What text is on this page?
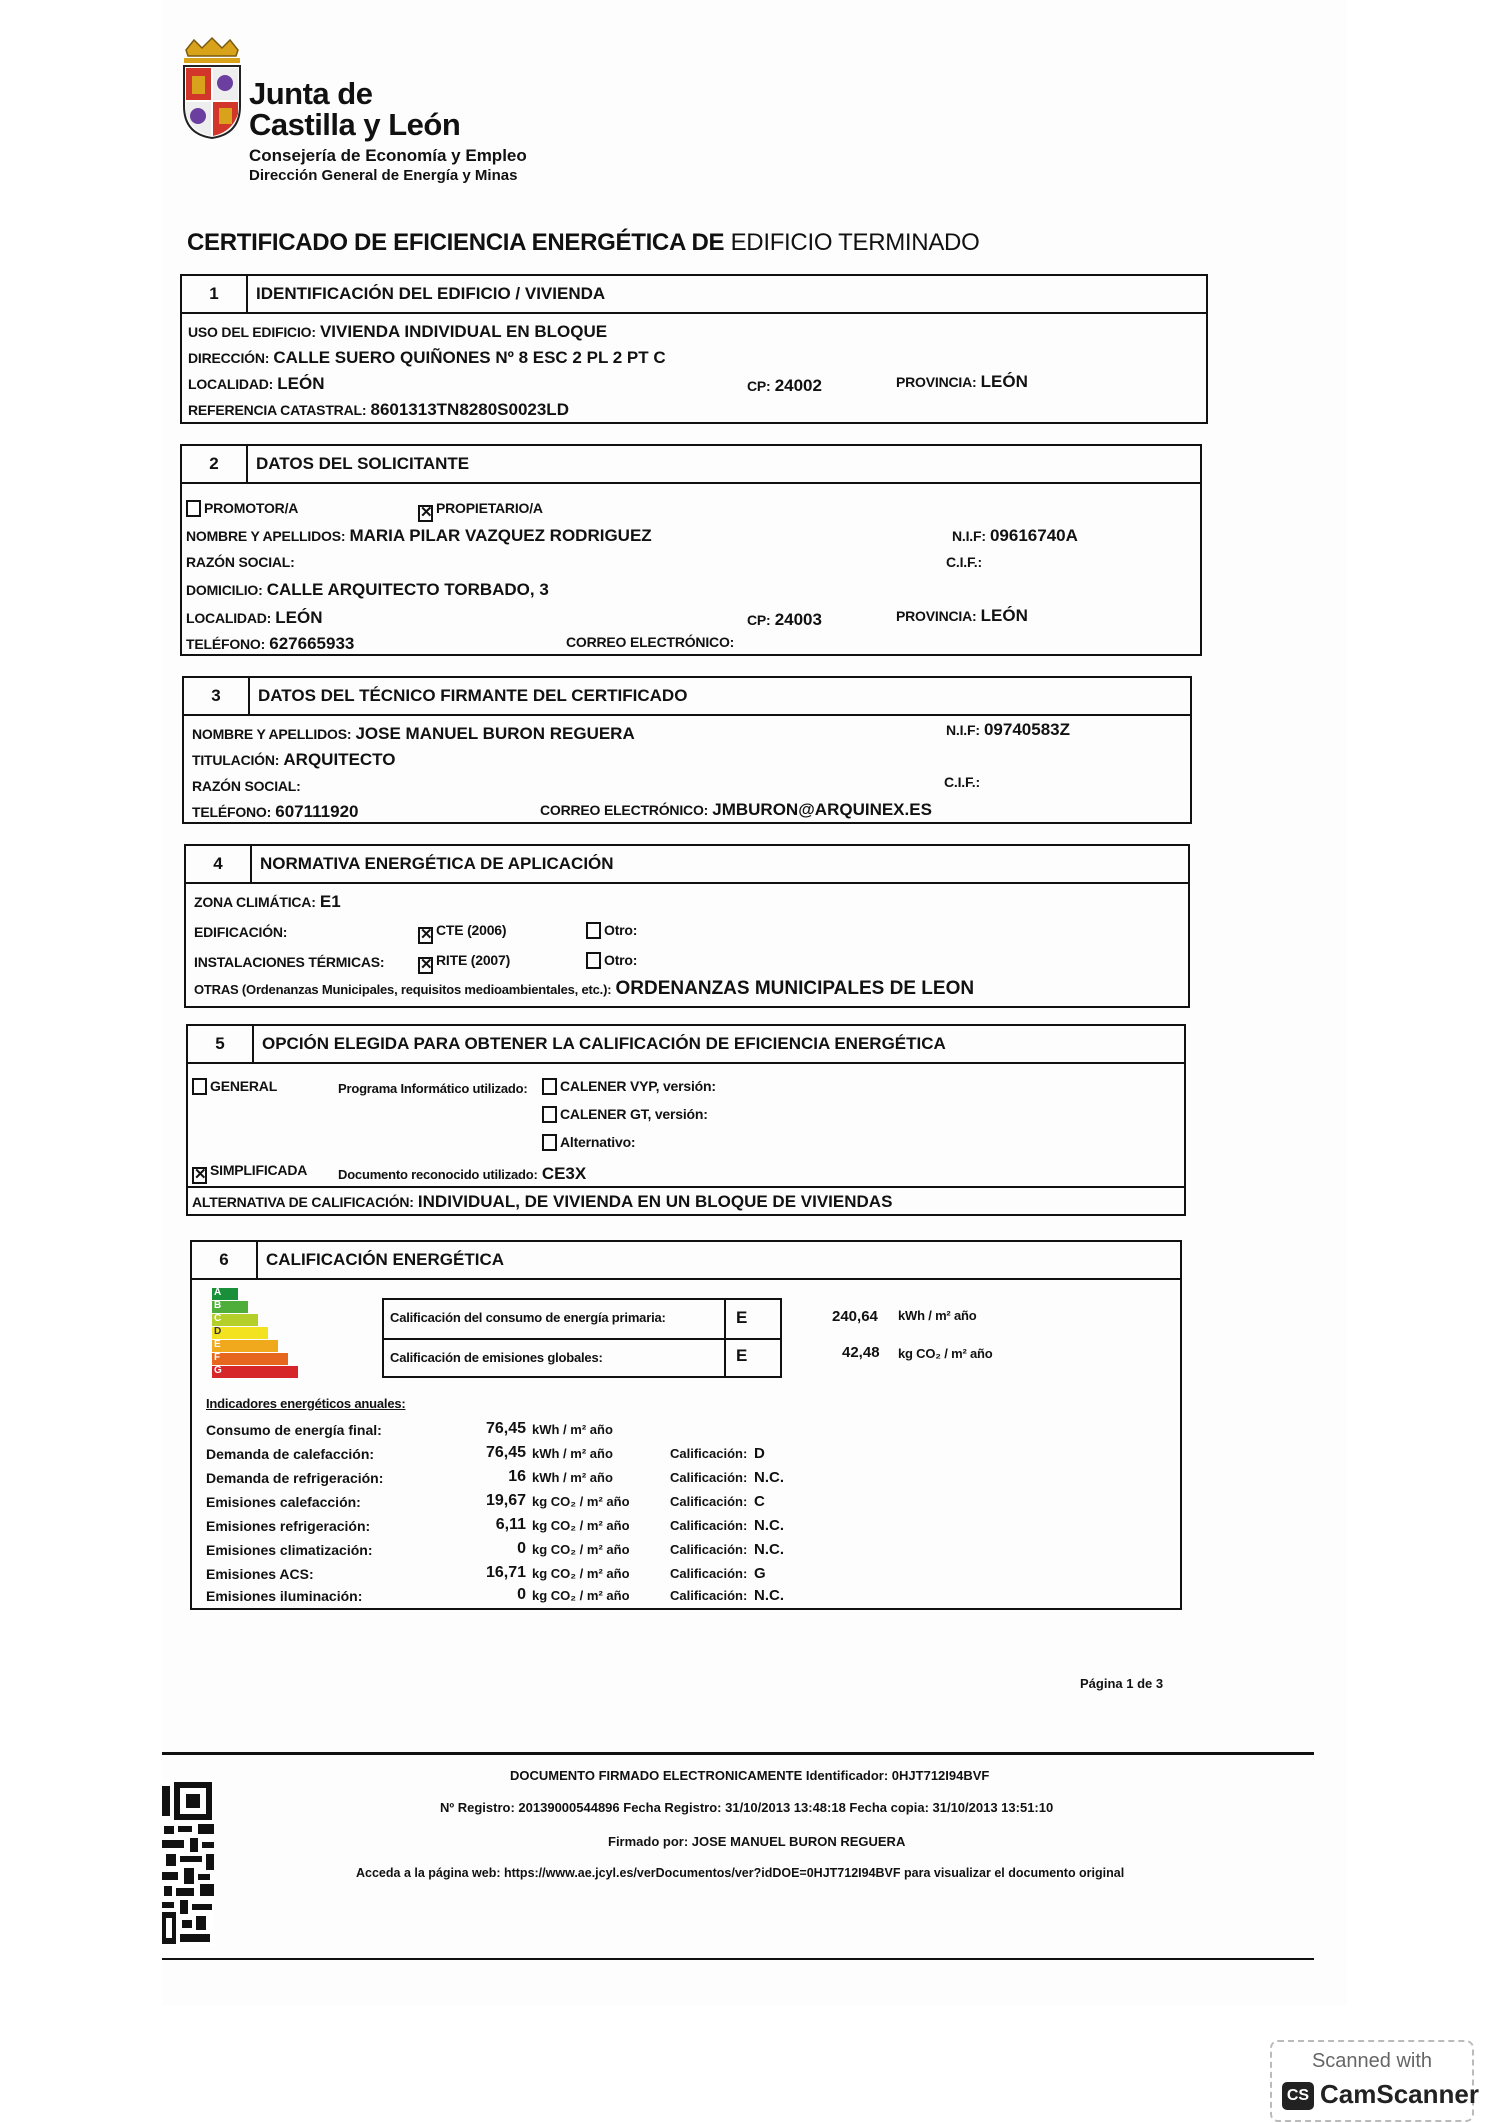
Junta de
Castilla y León
Consejería de Economía y Empleo
Dirección General de Energía y Minas
CERTIFICADO DE EFICIENCIA ENERGÉTICA DE EDIFICIO TERMINADO
1	IDENTIFICACIÓN DEL EDIFICIO / VIVIENDA
USO DEL EDIFICIO: VIVIENDA INDIVIDUAL EN BLOQUE
DIRECCIÓN: CALLE SUERO QUIÑONES Nº 8 ESC 2 PL 2 PT C
LOCALIDAD: LEÓN	CP: 24002	PROVINCIA: LEÓN
REFERENCIA CATASTRAL: 8601313TN8280S0023LD
2	DATOS DEL SOLICITANTE
PROMOTOR/A	✕ PROPIETARIO/A
NOMBRE Y APELLIDOS: MARIA PILAR VAZQUEZ RODRIGUEZ	N.I.F: 09616740A
RAZÓN SOCIAL:	C.I.F.:
DOMICILIO: CALLE ARQUITECTO TORBADO, 3
LOCALIDAD: LEÓN	CP: 24003	PROVINCIA: LEÓN
TELÉFONO: 627665933	CORREO ELECTRÓNICO:
3	DATOS DEL TÉCNICO FIRMANTE DEL CERTIFICADO
NOMBRE Y APELLIDOS: JOSE MANUEL BURON REGUERA	N.I.F: 09740583Z
TITULACIÓN: ARQUITECTO
RAZÓN SOCIAL:	C.I.F.:
TELÉFONO: 607111920	CORREO ELECTRÓNICO: JMBURON@ARQUINEX.ES
4	NORMATIVA ENERGÉTICA DE APLICACIÓN
ZONA CLIMÁTICA: E1
EDIFICACIÓN:	✕ CTE (2006)	Otro:
INSTALACIONES TÉRMICAS: ✕ RITE (2007)	Otro:
OTRAS (Ordenanzas Municipales, requisitos medioambientales, etc.): ORDENANZAS MUNICIPALES DE LEON
5	OPCIÓN ELEGIDA PARA OBTENER LA CALIFICACIÓN DE EFICIENCIA ENERGÉTICA
GENERAL	Programa Informático utilizado:	CALENER VYP, versión:
CALENER GT, versión:
Alternativo:
✕ SIMPLIFICADA Documento reconocido utilizado: CE3X
ALTERNATIVA DE CALIFICACIÓN: INDIVIDUAL, DE VIVIENDA EN UN BLOQUE DE VIVIENDAS
6	CALIFICACIÓN ENERGÉTICA
A
B
C
D
E
F
G
Calificación del consumo de energía primaria:	E
Calificación de emisiones globales:	E
240,64 kWh / m² año
42,48 kg CO₂ / m² año
Indicadores energéticos anuales:
Consumo de energía final:	76,45 kWh / m² año
Demanda de calefacción:	76,45 kWh / m² año	Calificación: D
Demanda de refrigeración:	16 kWh / m² año	Calificación: N.C.
Emisiones calefacción:	19,67 kg CO₂ / m² año	Calificación: C
Emisiones refrigeración:	6,11 kg CO₂ / m² año	Calificación: N.C.
Emisiones climatización:	0 kg CO₂ / m² año	Calificación: N.C.
Emisiones ACS:	16,71 kg CO₂ / m² año	Calificación: G
Emisiones iluminación:	0 kg CO₂ / m² año	Calificación: N.C.
Página 1 de 3
DOCUMENTO FIRMADO ELECTRONICAMENTE Identificador: 0HJT712I94BVF
Nº Registro: 20139000544896 Fecha Registro: 31/10/2013 13:48:18 Fecha copia: 31/10/2013 13:51:10
Firmado por: JOSE MANUEL BURON REGUERA
Acceda a la página web: https://www.ae.jcyl.es/verDocumentos/ver?idDOE=0HJT712I94BVF para visualizar el documento original
Scanned with
CS CamScanner
